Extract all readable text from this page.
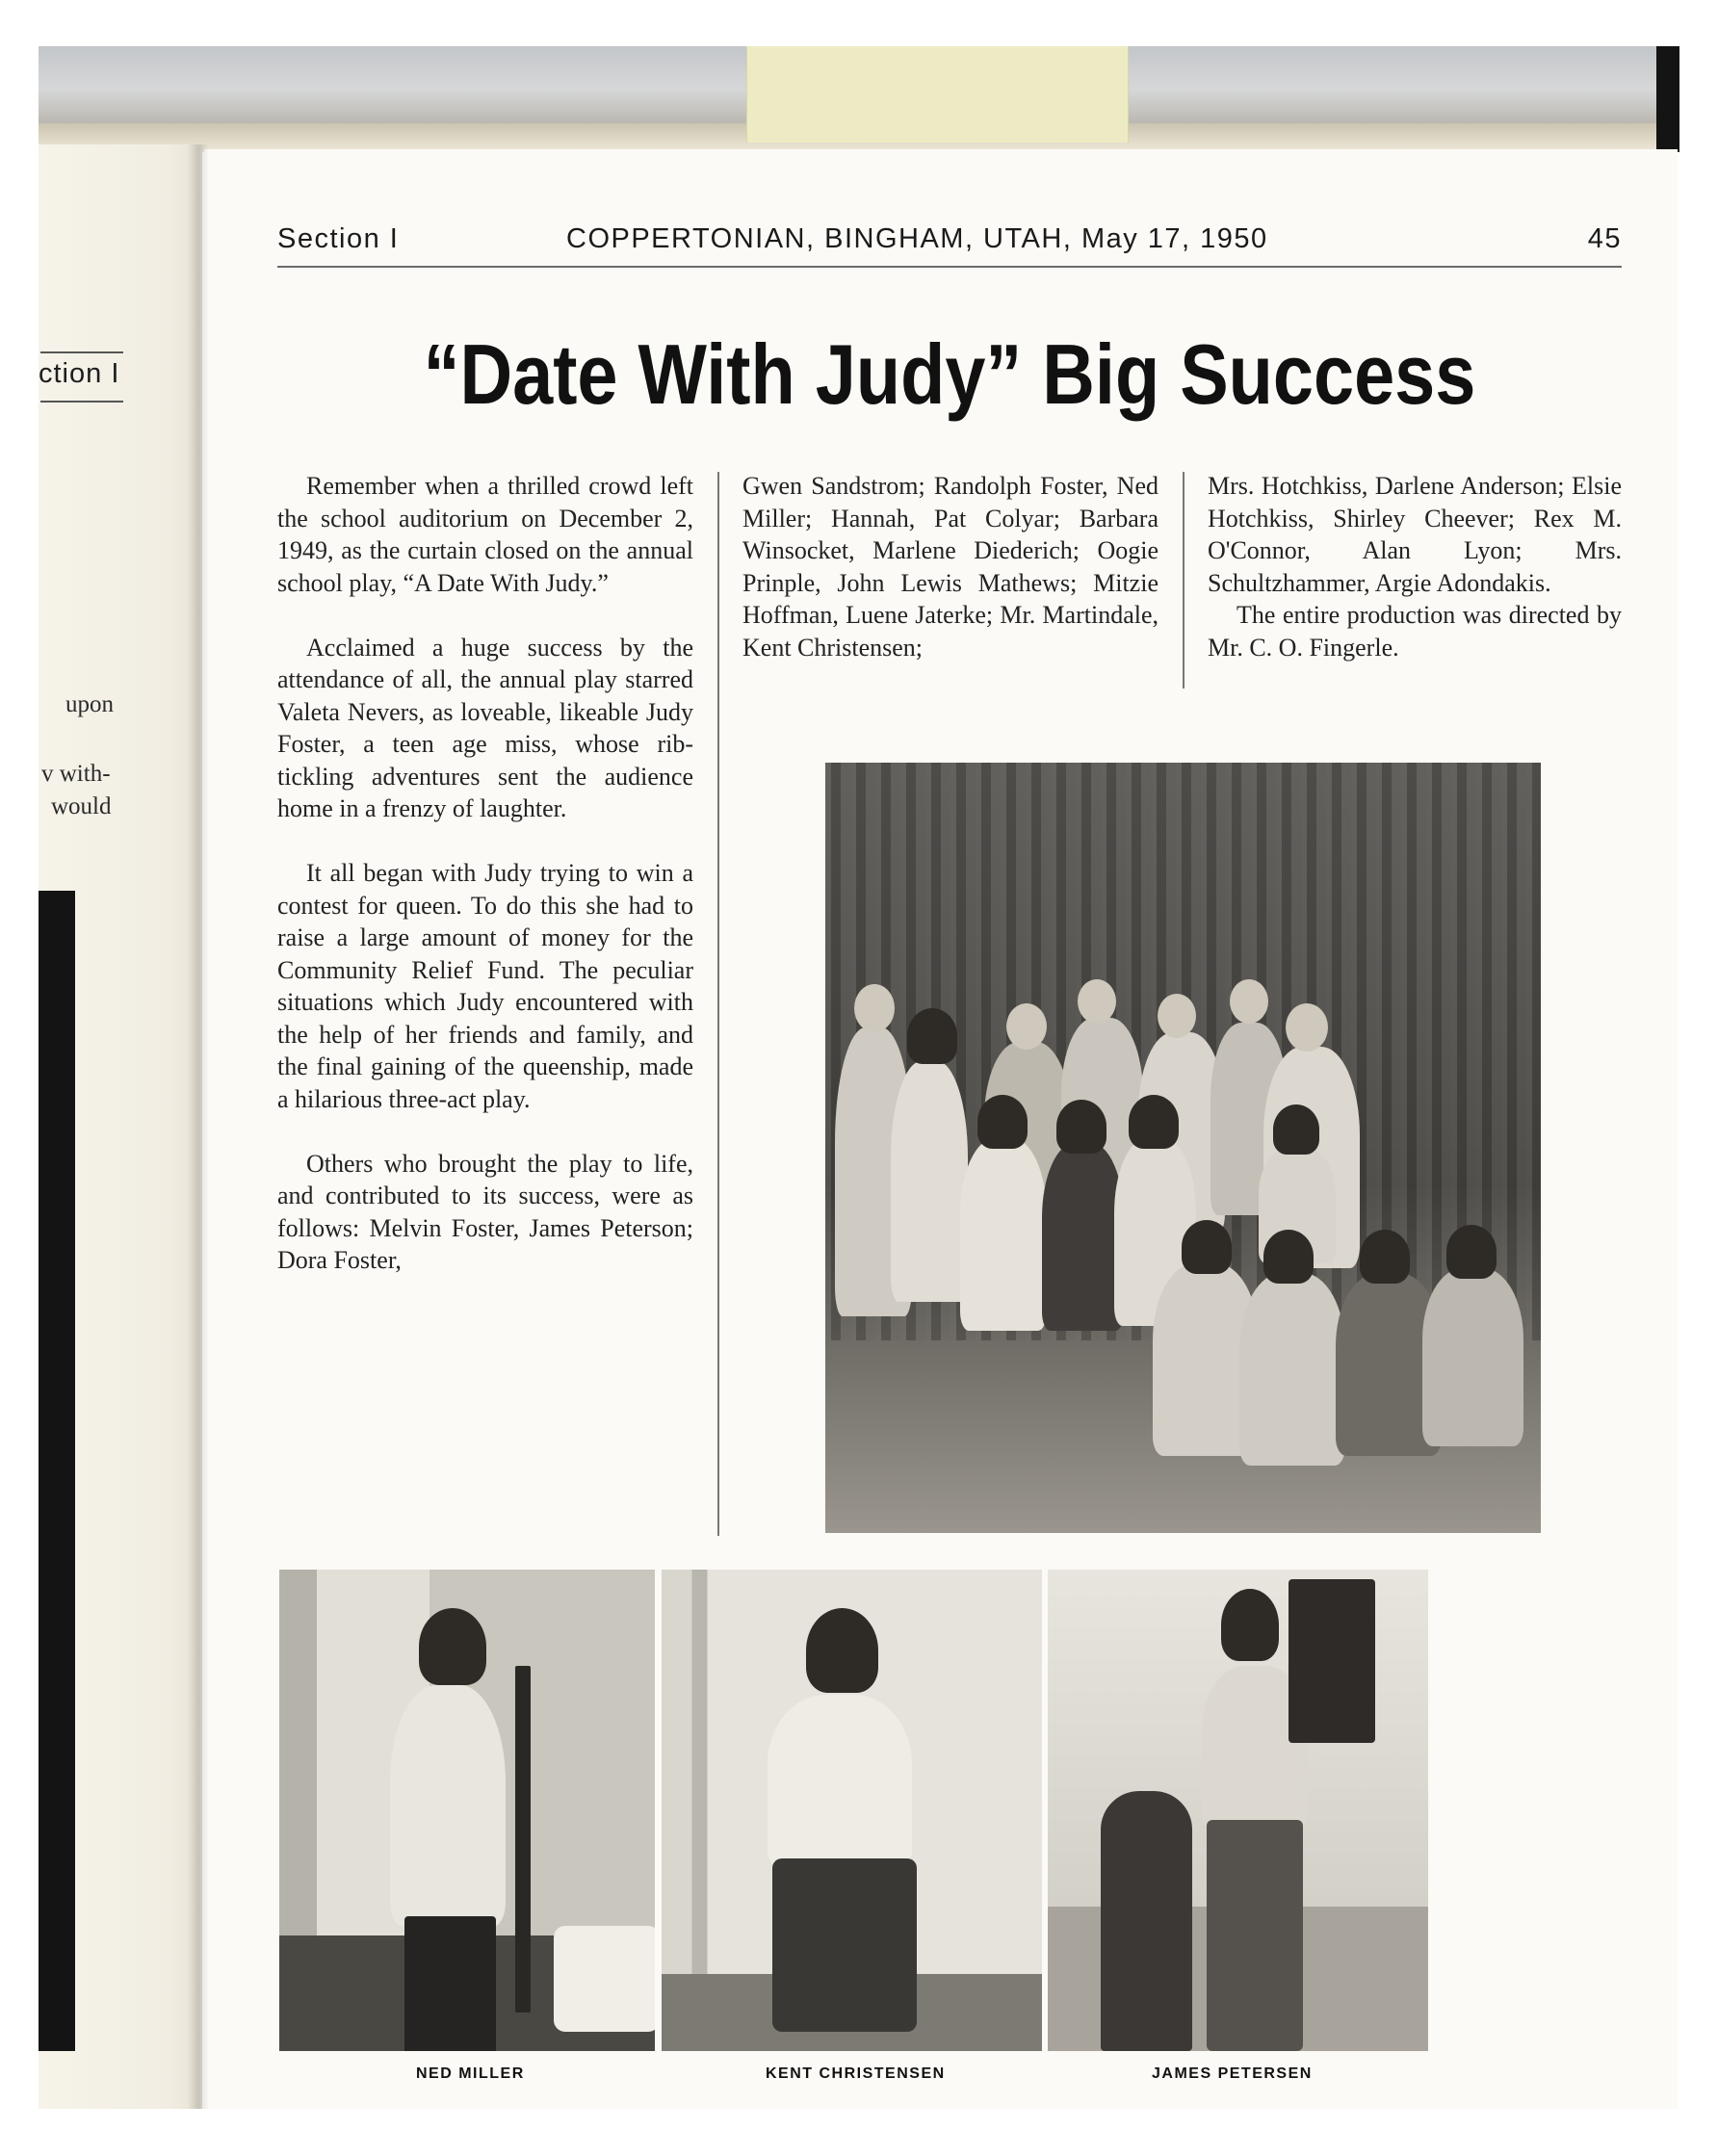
ction I
upon
v with-
would
Section I	COPPERTONIAN, BINGHAM, UTAH, May 17, 1950	45
“Date With Judy” Big Success

Remember when a thrilled crowd left the school auditorium on December 2, 1949, as the curtain closed on the annual school play, “A Date With Judy.”

Acclaimed a huge success by the attendance of all, the annual play starred Valeta Nevers, as loveable, likeable Judy Foster, a teen age miss, whose rib-tickling adventures sent the audience home in a frenzy of laughter.

It all began with Judy trying to win a contest for queen. To do this she had to raise a large amount of money for the Community Relief Fund. The peculiar situations which Judy encountered with the help of her friends and family, and the final gaining of the queenship, made a hilarious three-act play.

Others who brought the play to life, and contributed to its success, were as follows: Melvin Foster, James Peterson; Dora Foster,

Gwen Sandstrom; Randolph Foster, Ned Miller; Hannah, Pat Colyar; Barbara Winsocket, Marlene Diederich; Oogie Prinple, John Lewis Mathews; Mitzie Hoffman, Luene Jaterke; Mr. Martindale, Kent Christensen;

Mrs. Hotchkiss, Darlene Anderson; Elsie Hotchkiss, Shirley Cheever; Rex M. O'Connor, Alan Lyon; Mrs. Schultzhammer, Argie Adondakis.

The entire production was directed by Mr. C. O. Fingerle.

NED MILLER	KENT CHRISTENSEN	JAMES PETERSEN
